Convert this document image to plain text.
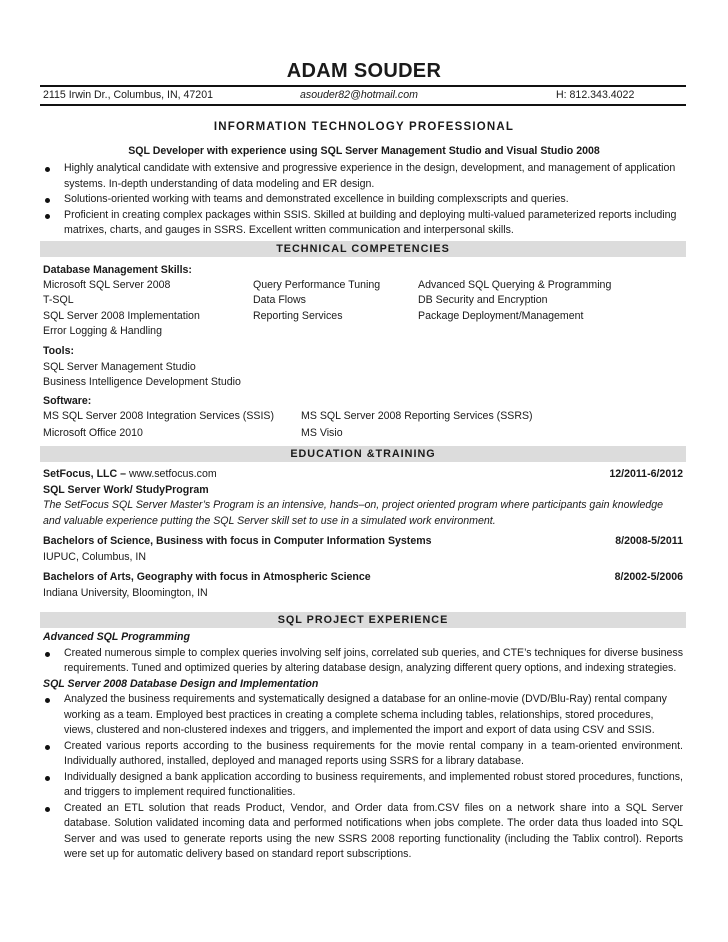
ADAM SOUDER
2115 Irwin Dr., Columbus, IN, 47201	asouder82@hotmail.com	H: 812.343.4022
INFORMATION TECHNOLOGY PROFESSIONAL
SQL Developer with experience using SQL Server Management Studio and Visual Studio 2008
Highly analytical candidate with extensive and progressive experience in the design, development, and management of application systems. In-depth understanding of data modeling and ER design.
Solutions-oriented working with teams and demonstrated excellence in building complexscripts and queries.
Proficient in creating complex packages within SSIS. Skilled at building and deploying multi-valued parameterized reports including matrixes, charts, and gauges in SSRS. Excellent written communication and interpersonal skills.
TECHNICAL COMPETENCIES
Database Management Skills:
Microsoft SQL Server 2008	Query Performance Tuning	Advanced SQL Querying & Programming
T-SQL	Data Flows	DB Security and Encryption
SQL Server 2008 Implementation	Reporting Services	Package Deployment/Management
Error Logging & Handling
Tools:
SQL Server Management Studio
Business Intelligence Development Studio
Software:
MS SQL Server 2008 Integration Services (SSIS)	MS SQL Server 2008 Reporting Services (SSRS)
Microsoft Office 2010	MS Visio
EDUCATION &TRAINING
SetFocus, LLC – www.setfocus.com	12/2011-6/2012
SQL Server Work/ StudyProgram
The SetFocus SQL Server Master’s Program is an intensive, hands–on, project oriented program where participants gain knowledge and valuable experience putting the SQL Server skill set to use in a simulated work environment.
Bachelors of Science, Business with focus in Computer Information Systems	8/2008-5/2011
IUPUC, Columbus, IN
Bachelors of Arts, Geography with focus in Atmospheric Science	8/2002-5/2006
Indiana University, Bloomington, IN
SQL PROJECT EXPERIENCE
Advanced SQL Programming
Created numerous simple to complex queries involving self joins, correlated sub queries, and CTE’s techniques for diverse business requirements. Tuned and optimized queries by altering database design, analyzing different query options, and indexing strategies.
SQL Server 2008 Database Design and Implementation
Analyzed the business requirements and systematically designed a database for an online-movie (DVD/Blu-Ray) rental company working as a team. Employed best practices in creating a complete schema including tables, relationships, stored procedures, views, clustered and non-clustered indexes and triggers, and implemented the import and export of data using CSV and SSIS.
Created various reports according to the business requirements for the movie rental company in a team-oriented environment. Individually authored, installed, deployed and managed reports using SSRS for a library database.
Individually designed a bank application according to business requirements, and implemented robust stored procedures, functions, and triggers to implement required functionalities.
Created an ETL solution that reads Product, Vendor, and Order data from.CSV files on a network share into a SQL Server database. Solution validated incoming data and performed notifications when jobs complete. The order data thus loaded into SQL Server and was used to generate reports using the new SSRS 2008 reporting functionality (including the Tablix control). Reports were set up for automatic delivery based on standard report subscriptions.
